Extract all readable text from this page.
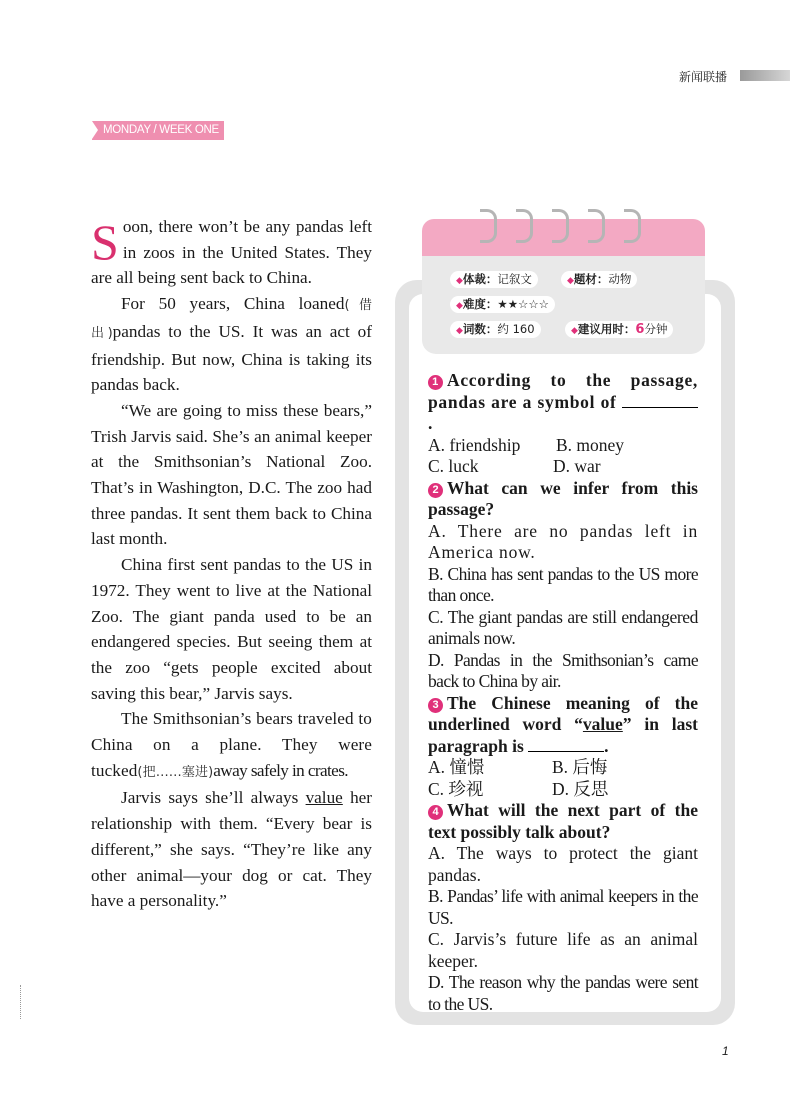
新闻联播
MONDAY / WEEK ONE

Soon, there won’t be any pandas left in zoos in the United States. They are all being sent back to China.

For 50 years, China loaned(借出)pandas to the US. It was an act of friendship. But now, China is taking its pandas back.

“We are going to miss these bears,” Trish Jarvis said. She’s an animal keeper at the Smithsonian’s National Zoo. That’s in Washington, D.C. The zoo had three pandas. It sent them back to China last month.

China first sent pandas to the US in 1972. They went to live at the National Zoo. The giant panda used to be an endangered species. But seeing them at the zoo “gets people excited about saving this bear,” Jarvis says.

The Smithsonian’s bears traveled to China on a plane. They were tucked(把……塞进)away safely in crates.

Jarvis says she’ll always value her relationship with them. “Every bear is different,” she says. “They’re like any other animal—your dog or cat. They have a personality.”

◆体裁：记叙文	◆题材：动物
◆难度：★★☆☆☆
◆词数：约 160	◆建议用时：6分钟

1 According to the passage, pandas are a symbol of .

A. friendship	B. money
C. luck	D. war

2 What can we infer from this passage?

A. There are no pandas left in America now.

B. China has sent pandas to the US more than once.

C. The giant pandas are still endangered animals now.

D. Pandas in the Smithsonian’s came back to China by air.

3 The Chinese meaning of the underlined word “value” in last paragraph is	.

A. 憧憬	B. 后悔
C. 珍视	D. 反思

4 What will the next part of the text possibly talk about?

A. The ways to protect the giant pandas.

B. Pandas’ life with animal keepers in the US.

C. Jarvis’s future life as an animal keeper.

D. The reason why the pandas were sent to the US.

1
